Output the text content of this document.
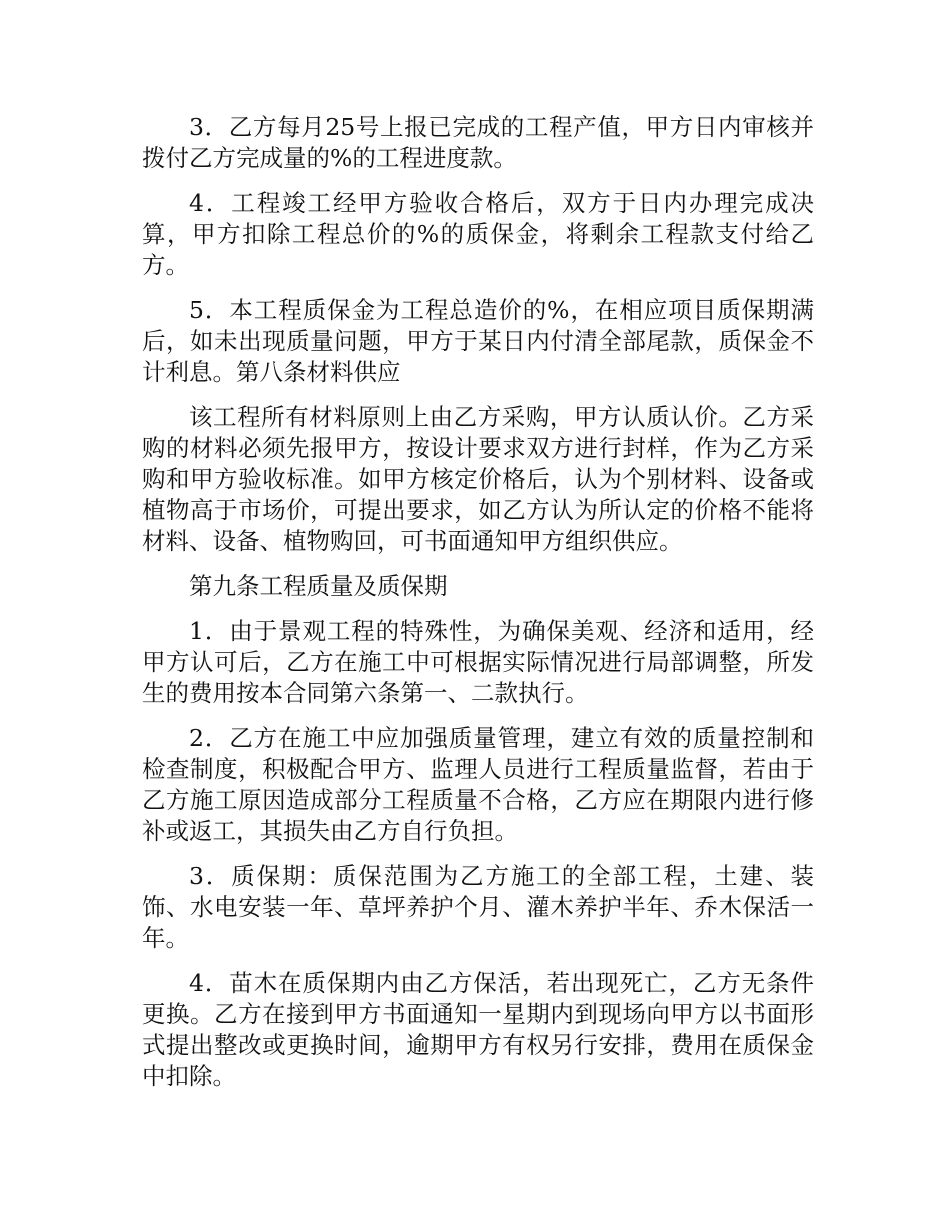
3．乙方每月25号上报已完成的工程产值，甲方日内审核并拨付乙方完成量的%的工程进度款。

4．工程竣工经甲方验收合格后，双方于日内办理完成决算，甲方扣除工程总价的%的质保金，将剩余工程款支付给乙方。

5．本工程质保金为工程总造价的%，在相应项目质保期满后，如未出现质量问题，甲方于某日内付清全部尾款，质保金不计利息。第八条材料供应

该工程所有材料原则上由乙方采购，甲方认质认价。乙方采购的材料必须先报甲方，按设计要求双方进行封样，作为乙方采购和甲方验收标准。如甲方核定价格后，认为个别材料、设备或植物高于市场价，可提出要求，如乙方认为所认定的价格不能将材料、设备、植物购回，可书面通知甲方组织供应。

第九条工程质量及质保期

1．由于景观工程的特殊性，为确保美观、经济和适用，经甲方认可后，乙方在施工中可根据实际情况进行局部调整，所发生的费用按本合同第六条第一、二款执行。

2．乙方在施工中应加强质量管理，建立有效的质量控制和检查制度，积极配合甲方、监理人员进行工程质量监督，若由于乙方施工原因造成部分工程质量不合格，乙方应在期限内进行修补或返工，其损失由乙方自行负担。

3．质保期：质保范围为乙方施工的全部工程，土建、装饰、水电安装一年、草坪养护个月、灌木养护半年、乔木保活一年。

4．苗木在质保期内由乙方保活，若出现死亡，乙方无条件更换。乙方在接到甲方书面通知一星期内到现场向甲方以书面形式提出整改或更换时间，逾期甲方有权另行安排，费用在质保金中扣除。
